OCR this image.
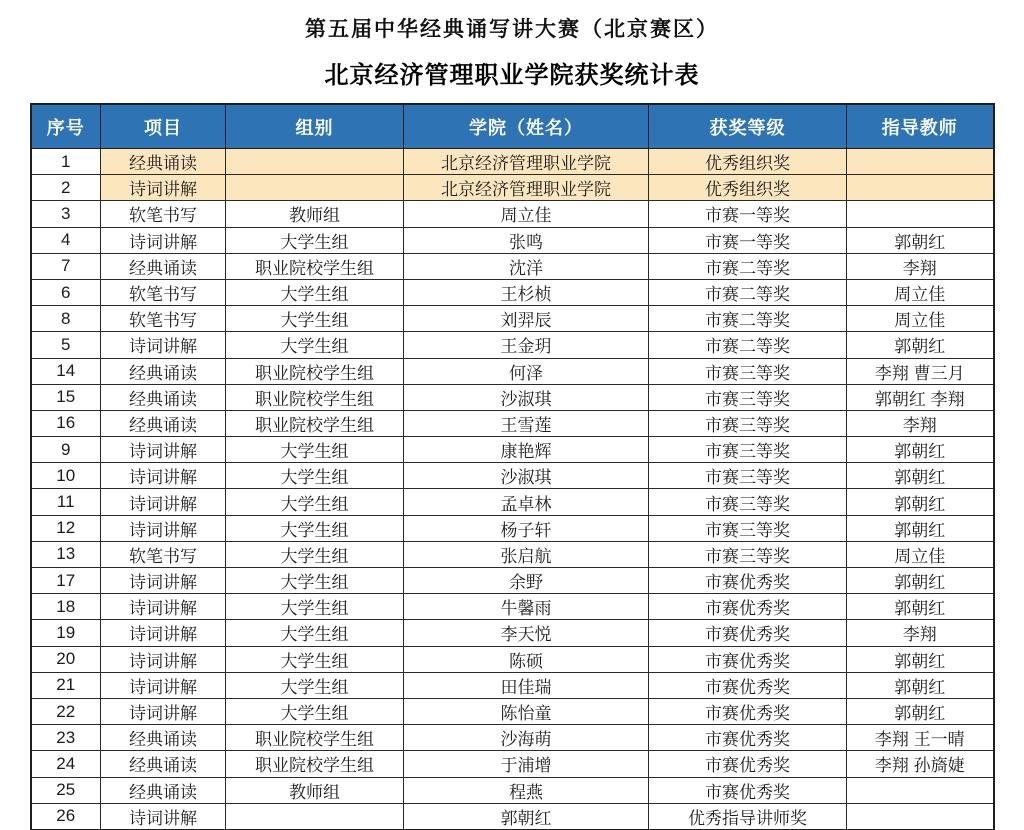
第五届中华经典诵写讲大赛（北京赛区）
北京经济管理职业学院获奖统计表
序号	项目	组别	学院（姓名）	获奖等级	指导教师
1	经典诵读		北京经济管理职业学院	优秀组织奖	
2	诗词讲解		北京经济管理职业学院	优秀组织奖	
3	软笔书写	教师组	周立佳	市赛一等奖	
4	诗词讲解	大学生组	张鸣	市赛一等奖	郭朝红
7	经典诵读	职业院校学生组	沈洋	市赛二等奖	李翔
6	软笔书写	大学生组	王杉桢	市赛二等奖	周立佳
8	软笔书写	大学生组	刘羿辰	市赛二等奖	周立佳
5	诗词讲解	大学生组	王金玥	市赛二等奖	郭朝红
14	经典诵读	职业院校学生组	何泽	市赛三等奖	李翔 曹三月
15	经典诵读	职业院校学生组	沙淑琪	市赛三等奖	郭朝红 李翔
16	经典诵读	职业院校学生组	王雪莲	市赛三等奖	李翔
9	诗词讲解	大学生组	康艳辉	市赛三等奖	郭朝红
10	诗词讲解	大学生组	沙淑琪	市赛三等奖	郭朝红
11	诗词讲解	大学生组	孟卓林	市赛三等奖	郭朝红
12	诗词讲解	大学生组	杨子轩	市赛三等奖	郭朝红
13	软笔书写	大学生组	张启航	市赛三等奖	周立佳
17	诗词讲解	大学生组	余野	市赛优秀奖	郭朝红
18	诗词讲解	大学生组	牛馨雨	市赛优秀奖	郭朝红
19	诗词讲解	大学生组	李天悦	市赛优秀奖	李翔
20	诗词讲解	大学生组	陈硕	市赛优秀奖	郭朝红
21	诗词讲解	大学生组	田佳瑞	市赛优秀奖	郭朝红
22	诗词讲解	大学生组	陈怡童	市赛优秀奖	郭朝红
23	经典诵读	职业院校学生组	沙海萌	市赛优秀奖	李翔 王一晴
24	经典诵读	职业院校学生组	于浦增	市赛优秀奖	李翔 孙旖婕
25	经典诵读	教师组	程燕	市赛优秀奖	
26	诗词讲解		郭朝红	优秀指导讲师奖	
